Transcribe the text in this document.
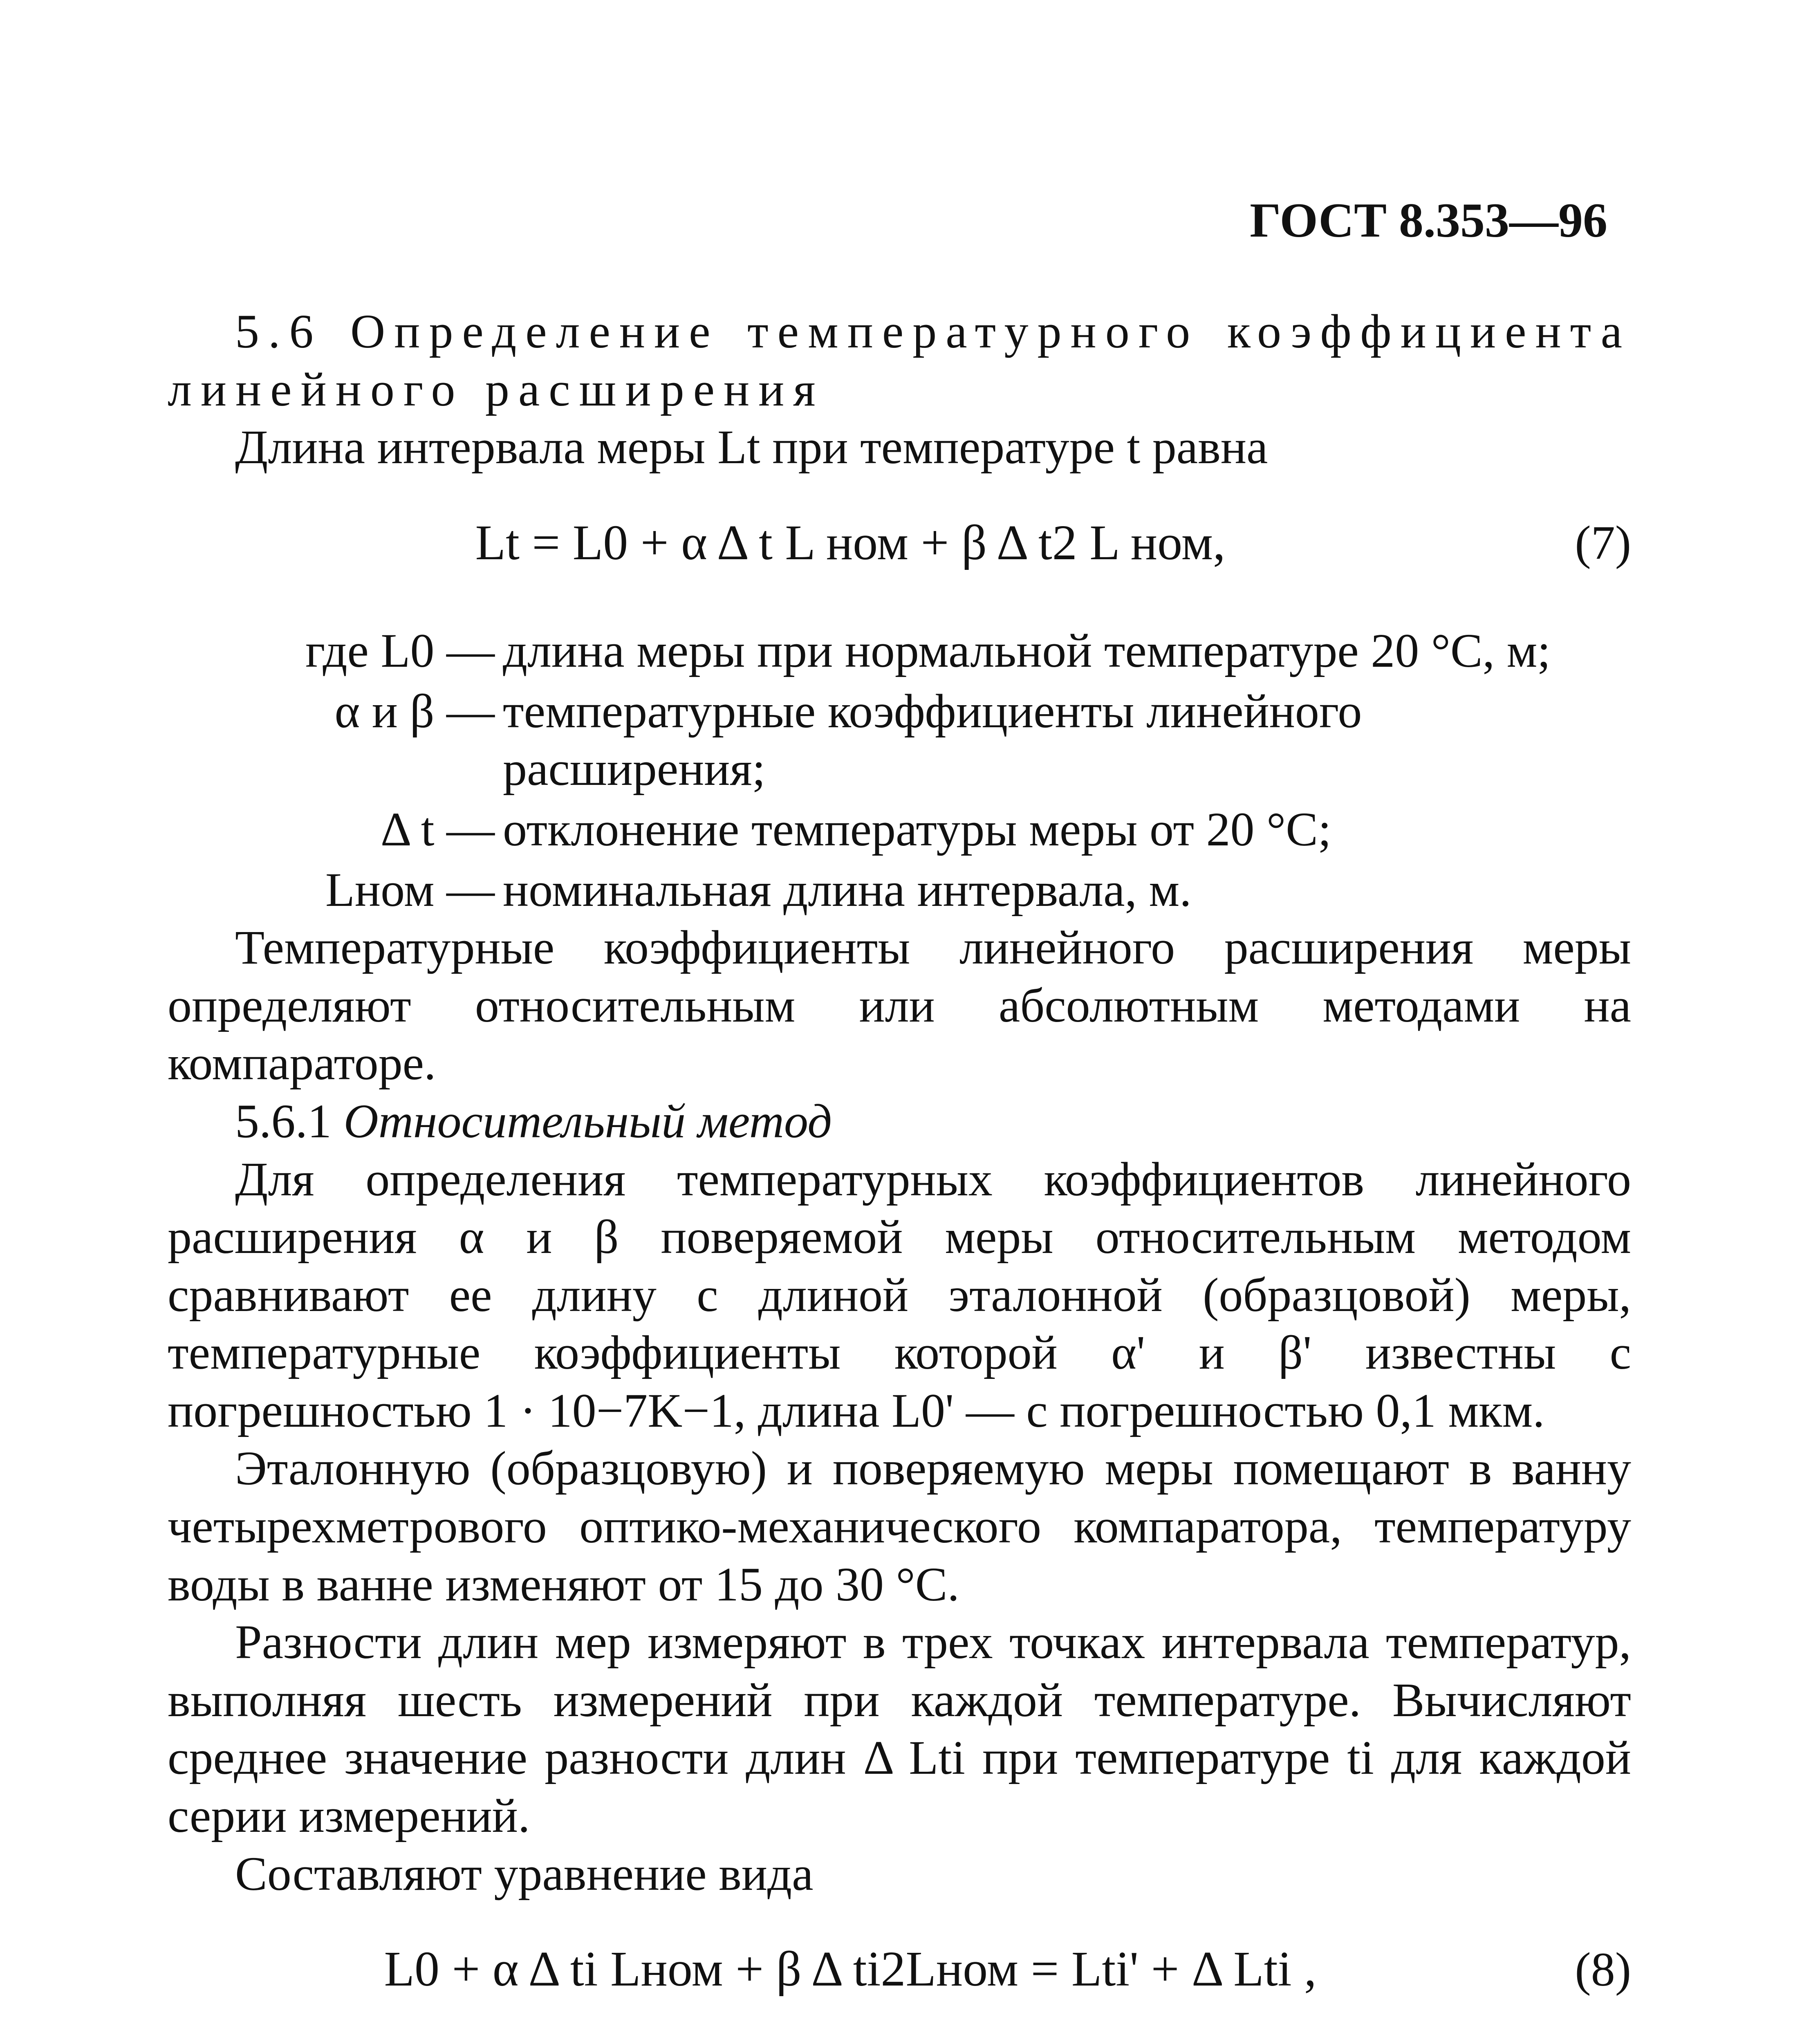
ГОСТ 8.353—96

5.6 Определение температурного коэффициента линейного расширения

Длина интервала меры Lt при температуре t равна

Lt = L0 + α Δ t L ном + β Δ t2 L ном,	(7)
где L0 — длина меры при нормальной температуре 20 °С, м;
α и β — температурные коэффициенты линейного расширения;
Δ t — отклонение температуры меры от 20 °С;
Lном — номинальная длина интервала, м.

Температурные коэффициенты линейного расширения меры определяют относительным или абсолютным методами на компараторе.

5.6.1 Относительный метод

Для определения температурных коэффициентов линейного расширения α и β поверяемой меры относительным методом сравнивают ее длину с длиной эталонной (образцовой) меры, температурные коэффициенты которой α' и β' известны с погрешностью 1 · 10−7K−1, длина L0' — с погрешностью 0,1 мкм.

Эталонную (образцовую) и поверяемую меры помещают в ванну четырехметрового оптико-механического компаратора, температуру воды в ванне изменяют от 15 до 30 °С.

Разности длин мер измеряют в трех точках интервала температур, выполняя шесть измерений при каждой температуре. Вычисляют среднее значение разности длин Δ Lti при температуре ti для каждой серии измерений.

Составляют уравнение вида

L0 + α Δ ti Lном + β Δ ti2Lном = Lti' + Δ Lti ,	(8)
